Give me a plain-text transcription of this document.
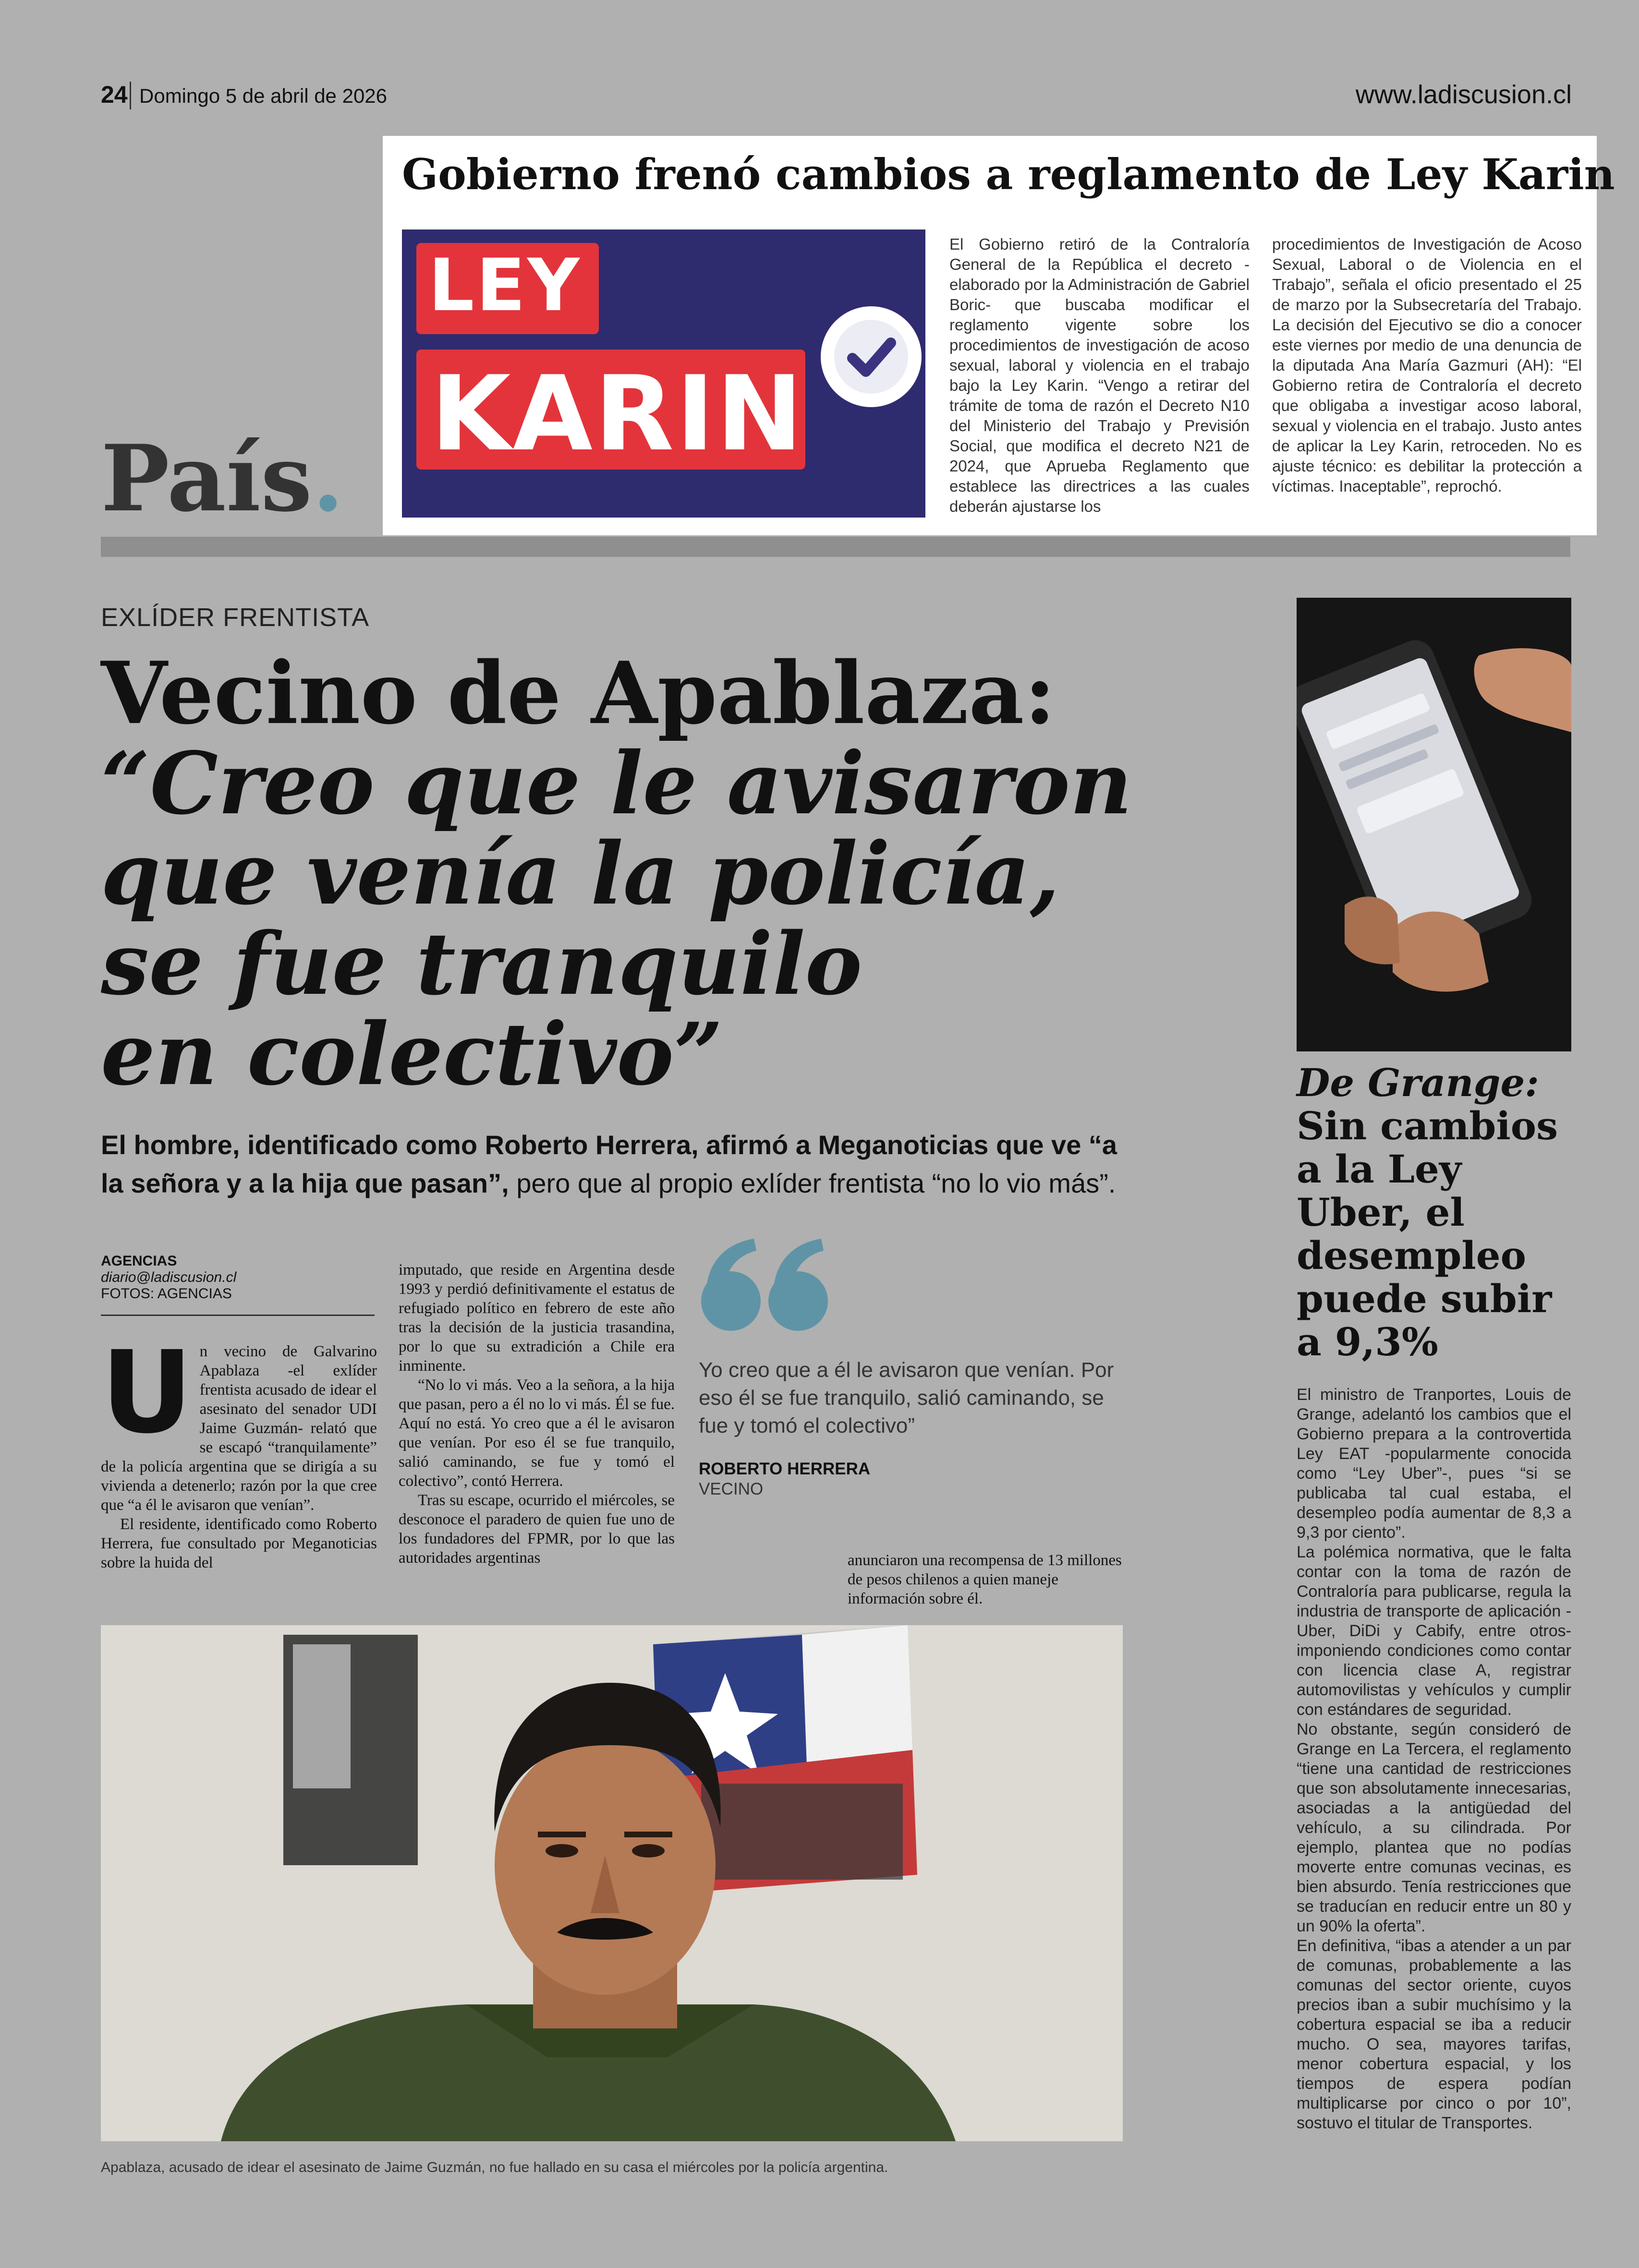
24 Domingo 5 de abril de 2026	www.ladiscusion.cl
Gobierno frenó cambios a reglamento de Ley Karin
LEY
KARIN
El Gobierno retiró de la Contraloría General de la República el decreto -elaborado por la Administración de Gabriel Boric- que buscaba modificar el reglamento vigente sobre los procedimientos de investigación de acoso sexual, laboral y violencia en el trabajo bajo la Ley Karin. “Vengo a retirar del trámite de toma de razón el Decreto N10 del Ministerio del Trabajo y Previsión Social, que modifica el decreto N21 de 2024, que Aprueba Reglamento que establece las directrices a las cuales deberán ajustarse los
procedimientos de Investigación de Acoso Sexual, Laboral o de Violencia en el Trabajo”, señala el oficio presentado el 25 de marzo por la Subsecretaría del Trabajo. La decisión del Ejecutivo se dio a conocer este viernes por medio de una denuncia de la diputada Ana María Gazmuri (AH): “El Gobierno retira de Contraloría el decreto que obligaba a investigar acoso laboral, sexual y violencia en el trabajo. Justo antes de aplicar la Ley Karin, retroceden. No es ajuste técnico: es debilitar la protección a víctimas. Inaceptable”, reprochó.
País.
EXLÍDER FRENTISTA
Vecino de Apablaza:
“Creo que le avisaron
que venía la policía,
se fue tranquilo
en colectivo”
El hombre, identificado como Roberto Herrera, afirmó a Meganoticias que ve “a la señora y a la hija que pasan”, pero que al propio exlíder frentista “no lo vio más”.
AGENCIAS
diario@ladiscusion.cl
FOTOS: AGENCIAS
U n vecino de Galvarino Apablaza -el exlíder frentista acusado de idear el asesinato del senador UDI Jaime Guzmán- relató que se escapó “tranquilamente” de la policía argentina que se dirigía a su vivienda a detenerlo; razón por la que cree que “a él le avisaron que venían”.

El residente, identificado como Roberto Herrera, fue consultado por Meganoticias sobre la huida del

imputado, que reside en Argentina desde 1993 y perdió definitivamente el estatus de refugiado político en febrero de este año tras la decisión de la justicia trasandina, por lo que su extradición a Chile era inminente.

“No lo vi más. Veo a la señora, a la hija que pasan, pero a él no lo vi más. Él se fue. Aquí no está. Yo creo que a él le avisaron que venían. Por eso él se fue tranquilo, salió caminando, se fue y tomó el colectivo”, contó Herrera.

Tras su escape, ocurrido el miércoles, se desconoce el paradero de quien fue uno de los fundadores del FPMR, por lo que las autoridades argentinas	anunciaron una recompensa de 13 millones de pesos chilenos a quien maneje información sobre él.
Yo creo que a él le avisaron que venían. Por eso él se fue tranquilo, salió caminando, se fue y tomó el colectivo”
ROBERTO HERRERA
VECINO
Apablaza, acusado de idear el asesinato de Jaime Guzmán, no fue hallado en su casa el miércoles por la policía argentina.
De Grange:
Sin cambios a la Ley Uber, el desempleo puede subir a 9,3%

El ministro de Tranportes, Louis de Grange, adelantó los cambios que el Gobierno prepara a la controvertida Ley EAT -popularmente conocida como “Ley Uber”-, pues “si se publicaba tal cual estaba, el desempleo podía aumentar de 8,3 a 9,3 por ciento”.

La polémica normativa, que le falta contar con la toma de razón de Contraloría para publicarse, regula la industria de transporte de aplicación -Uber, DiDi y Cabify, entre otros- imponiendo condiciones como contar con licencia clase A, registrar automovilistas y vehículos y cumplir con estándares de seguridad.

No obstante, según consideró de Grange en La Tercera, el reglamento “tiene una cantidad de restricciones que son absolutamente innecesarias, asociadas a la antigüedad del vehículo, a su cilindrada. Por ejemplo, plantea que no podías moverte entre comunas vecinas, es bien absurdo. Tenía restricciones que se traducían en reducir entre un 80 y un 90% la oferta”.

En definitiva, “ibas a atender a un par de comunas, probablemente a las comunas del sector oriente, cuyos precios iban a subir muchísimo y la cobertura espacial se iba a reducir mucho. O sea, mayores tarifas, menor cobertura espacial, y los tiempos de espera podían multiplicarse por cinco o por 10”, sostuvo el titular de Transportes.
